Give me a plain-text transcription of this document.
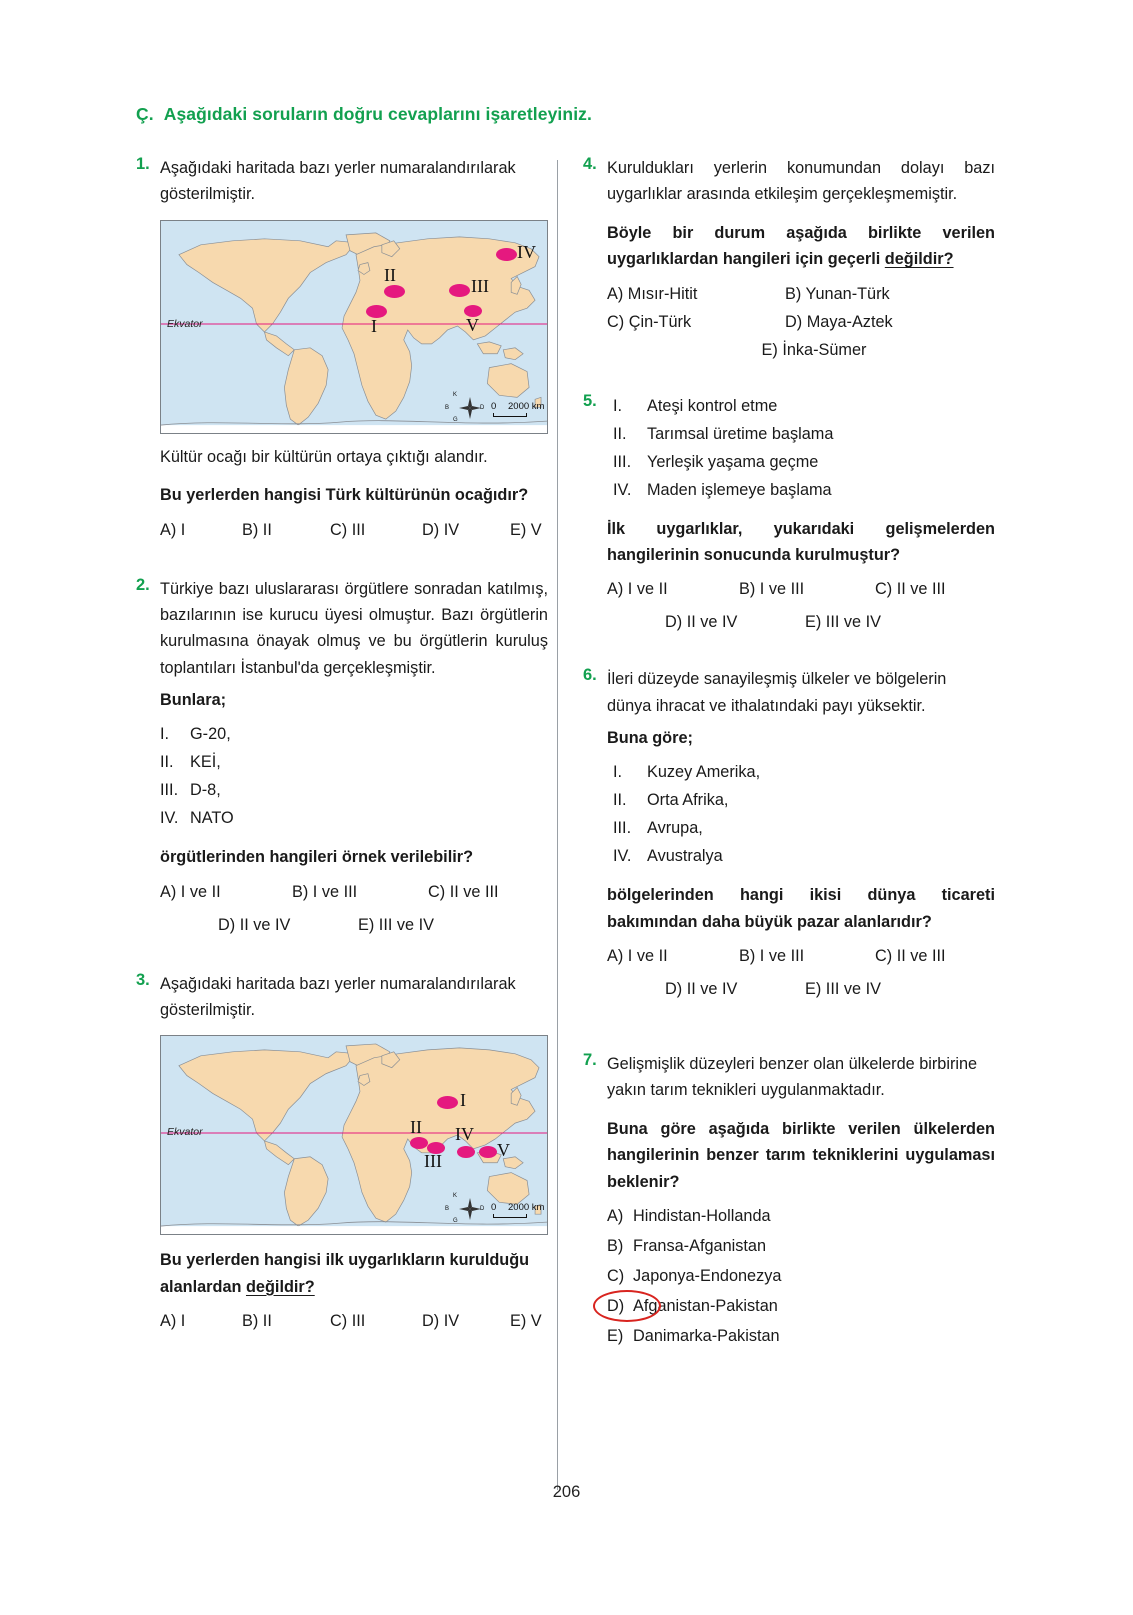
Ç. Aşağıdaki soruların doğru cevaplarını işaretleyiniz.
1. Aşağıdaki haritada bazı yerler numaralandırılarak gösterilmiştir.
Ekvator	I
II
III
IV
V
K
G
B	D 0 2000 km
Kültür ocağı bir kültürün ortaya çıktığı alandır.
Bu yerlerden hangisi Türk kültürünün ocağıdır?
A) I	B) II	C) III	D) IV	E) V
2. Türkiye bazı uluslararası örgütlere sonradan katılmış, bazılarının ise kurucu üyesi olmuştur. Bazı örgütlerin kurulmasına önayak olmuş ve bu örgütlerin kuruluş toplantıları İstanbul'da gerçekleşmiştir.
Bunlara;
I.	G-20,
II.	KEİ,
III. D-8,
IV. NATO
örgütlerinden hangileri örnek verilebilir?
A) I ve II	B) I ve III	C) II ve III
D) II ve IV	E) III ve IV
3. Aşağıdaki haritada bazı yerler numaralandırılarak gösterilmiştir.
Ekvator
I
II
III
IV
V
K
G
B	D 0 2000 km
Bu yerlerden hangisi ilk uygarlıkların kurulduğu alanlardan değildir?
A) I	B) II	C) III	D) IV	E) V
4. Kuruldukları yerlerin konumundan dolayı bazı uygarlıklar arasında etkileşim gerçekleşmemiştir.
Böyle bir durum aşağıda birlikte verilen uygarlıklardan hangileri için geçerli değildir?
A) Mısır-Hitit	B) Yunan-Türk
C) Çin-Türk	D) Maya-Aztek
E) İnka-Sümer
5. I.	Ateşi kontrol etme
II.	Tarımsal üretime başlama
III. Yerleşik yaşama geçme
IV. Maden işlemeye başlama
İlk uygarlıklar, yukarıdaki gelişmelerden hangilerinin sonucunda kurulmuştur?
A) I ve II	B) I ve III	C) II ve III
D) II ve IV	E) III ve IV
6. İleri düzeyde sanayileşmiş ülkeler ve bölgelerin dünya ihracat ve ithalatındaki payı yüksektir.
Buna göre;
I.	Kuzey Amerika,
II.	Orta Afrika,
III. Avrupa,
IV. Avustralya
bölgelerinden hangi ikisi dünya ticareti bakımından daha büyük pazar alanlarıdır?
A) I ve II	B) I ve III	C) II ve III
D) II ve IV	E) III ve IV
7. Gelişmişlik düzeyleri benzer olan ülkelerde birbirine yakın tarım teknikleri uygulanmaktadır.
Buna göre aşağıda birlikte verilen ülkelerden hangilerinin benzer tarım tekniklerini uygulaması beklenir?
A) Hindistan-Hollanda
B) Fransa-Afganistan
C) Japonya-Endonezya
D) Afganistan-Pakistan
E) Danimarka-Pakistan
206
